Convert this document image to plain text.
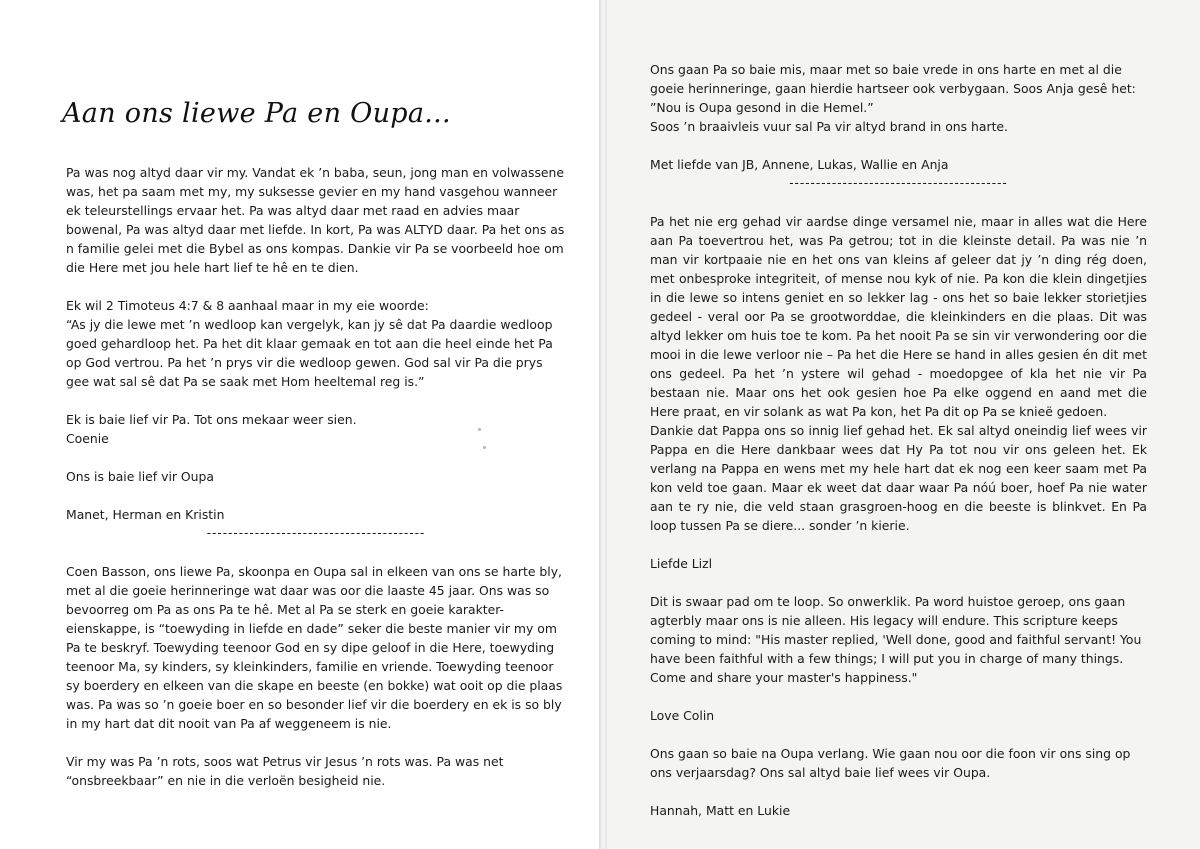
Aan ons liewe Pa en Oupa...

Pa was nog altyd daar vir my. Vandat ek ’n baba, seun, jong man en volwassene was, het pa saam met my, my suksesse gevier en my hand vasgehou wanneer ek teleurstellings ervaar het. Pa was altyd daar met raad en advies maar bowenal, Pa was altyd daar met liefde. In kort, Pa was ALTYD daar. Pa het ons as n familie gelei met die Bybel as ons kompas. Dankie vir Pa se voorbeeld hoe om die Here met jou hele hart lief te hê en te dien.

Ek wil 2 Timoteus 4:7 & 8 aanhaal maar in my eie woorde:

“As jy die lewe met ’n wedloop kan vergelyk, kan jy sê dat Pa daardie wedloop goed gehardloop het. Pa het dit klaar gemaak en tot aan die heel einde het Pa op God vertrou. Pa het ’n prys vir die wedloop gewen. God sal vir Pa die prys gee wat sal sê dat Pa se saak met Hom heeltemal reg is.”

Ek is baie lief vir Pa. Tot ons mekaar weer sien.

Coenie

Ons is baie lief vir Oupa

Manet, Herman en Kristin

-----------------------------------------

Coen Basson, ons liewe Pa, skoonpa en Oupa sal in elkeen van ons se harte bly, met al die goeie herinneringe wat daar was oor die laaste 45 jaar. Ons was so bevoorreg om Pa as ons Pa te hê. Met al Pa se sterk en goeie karakter-eienskappe, is “toewyding in liefde en dade” seker die beste manier vir my om Pa te beskryf. Toewyding teenoor God en sy dipe geloof in die Here, toewyding teenoor Ma, sy kinders, sy kleinkinders, familie en vriende. Toewyding teenoor sy boerdery en elkeen van die skape en beeste (en bokke) wat ooit op die plaas was. Pa was so ’n goeie boer en so besonder lief vir die boerdery en ek is so bly in my hart dat dit nooit van Pa af weggeneem is nie.

Vir my was Pa ’n rots, soos wat Petrus vir Jesus ’n rots was. Pa was net “onsbreekbaar” en nie in die verloën besigheid nie.

Ons gaan Pa so baie mis, maar met so baie vrede in ons harte en met al die goeie herinneringe, gaan hierdie hartseer ook verbygaan. Soos Anja gesê het:

”Nou is Oupa gesond in die Hemel.”

Soos ’n braaivleis vuur sal Pa vir altyd brand in ons harte.

Met liefde van JB, Annene, Lukas, Wallie en Anja

-----------------------------------------

Pa het nie erg gehad vir aardse dinge versamel nie, maar in alles wat die Here aan Pa toevertrou het, was Pa getrou; tot in die kleinste detail. Pa was nie ’n man vir kortpaaie nie en het ons van kleins af geleer dat jy ’n ding rég doen, met onbesproke integriteit, of mense nou kyk of nie. Pa kon die klein dingetjies in die lewe so intens geniet en so lekker lag - ons het so baie lekker storietjies gedeel - veral oor Pa se grootworddae, die kleinkinders en die plaas. Dit was altyd lekker om huis toe te kom. Pa het nooit Pa se sin vir verwondering oor die mooi in die lewe verloor nie – Pa het die Here se hand in alles gesien én dit met ons gedeel. Pa het ’n ystere wil gehad - moedopgee of kla het nie vir Pa bestaan nie. Maar ons het ook gesien hoe Pa elke oggend en aand met die Here praat, en vir solank as wat Pa kon, het Pa dit op Pa se knieë gedoen.

Dankie dat Pappa ons so innig lief gehad het. Ek sal altyd oneindig lief wees vir Pappa en die Here dankbaar wees dat Hy Pa tot nou vir ons geleen het. Ek verlang na Pappa en wens met my hele hart dat ek nog een keer saam met Pa kon veld toe gaan. Maar ek weet dat daar waar Pa nóú boer, hoef Pa nie water aan te ry nie, die veld staan grasgroen-hoog en die beeste is blinkvet. En Pa loop tussen Pa se diere... sonder ’n kierie.

Liefde Lizl

Dit is swaar pad om te loop. So onwerklik. Pa word huistoe geroep, ons gaan agterbly maar ons is nie alleen. His legacy will endure. This scripture keeps coming to mind: "His master replied, 'Well done, good and faithful servant! You have been faithful with a few things; I will put you in charge of many things. Come and share your master's happiness."

Love Colin

Ons gaan so baie na Oupa verlang. Wie gaan nou oor die foon vir ons sing op ons verjaarsdag? Ons sal altyd baie lief wees vir Oupa.

Hannah, Matt en Lukie
